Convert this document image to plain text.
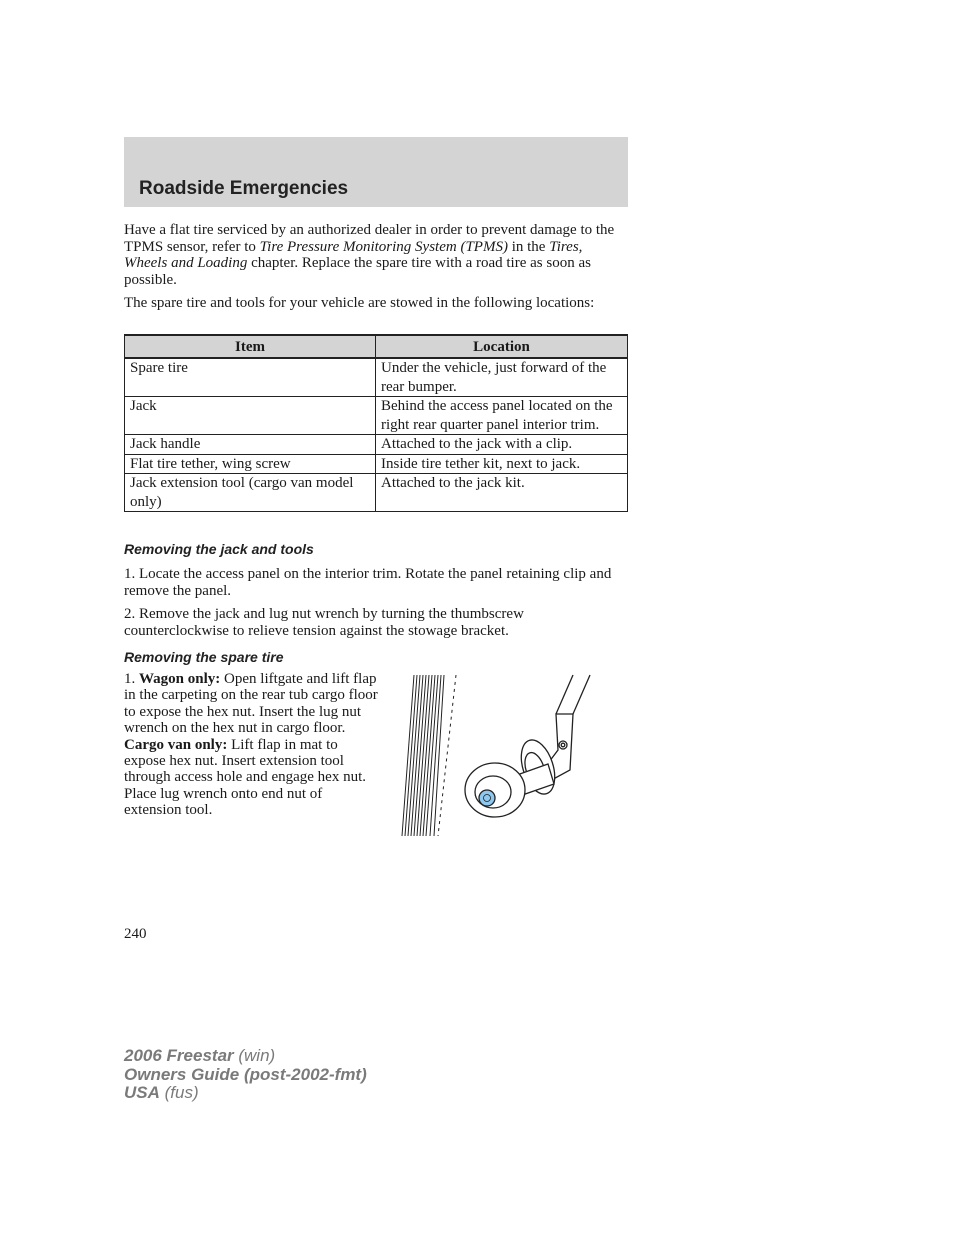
Roadside Emergencies

Have a flat tire serviced by an authorized dealer in order to prevent damage to the TPMS sensor, refer to Tire Pressure Monitoring System (TPMS) in the Tires, Wheels and Loading chapter. Replace the spare tire with a road tire as soon as possible.

The spare tire and tools for your vehicle are stowed in the following locations:

Item	Location
Spare tire	Under the vehicle, just forward of the rear bumper.
Jack	Behind the access panel located on the right rear quarter panel interior trim.
Jack handle	Attached to the jack with a clip.
Flat tire tether, wing screw	Inside tire tether kit, next to jack.
Jack extension tool (cargo van model only)	Attached to the jack kit.
Removing the jack and tools

1. Locate the access panel on the interior trim. Rotate the panel retaining clip and remove the panel.

2. Remove the jack and lug nut wrench by turning the thumbscrew counterclockwise to relieve tension against the stowage bracket.

Removing the spare tire

1. Wagon only: Open liftgate and lift flap in the carpeting on the rear tub cargo floor to expose the hex nut. Insert the lug nut wrench on the hex nut in cargo floor.

Cargo van only: Lift flap in mat to expose hex nut. Insert extension tool through access hole and engage hex nut. Place lug wrench onto end nut of extension tool.

240
2006 Freestar (win)
Owners Guide (post-2002-fmt)
USA (fus)
